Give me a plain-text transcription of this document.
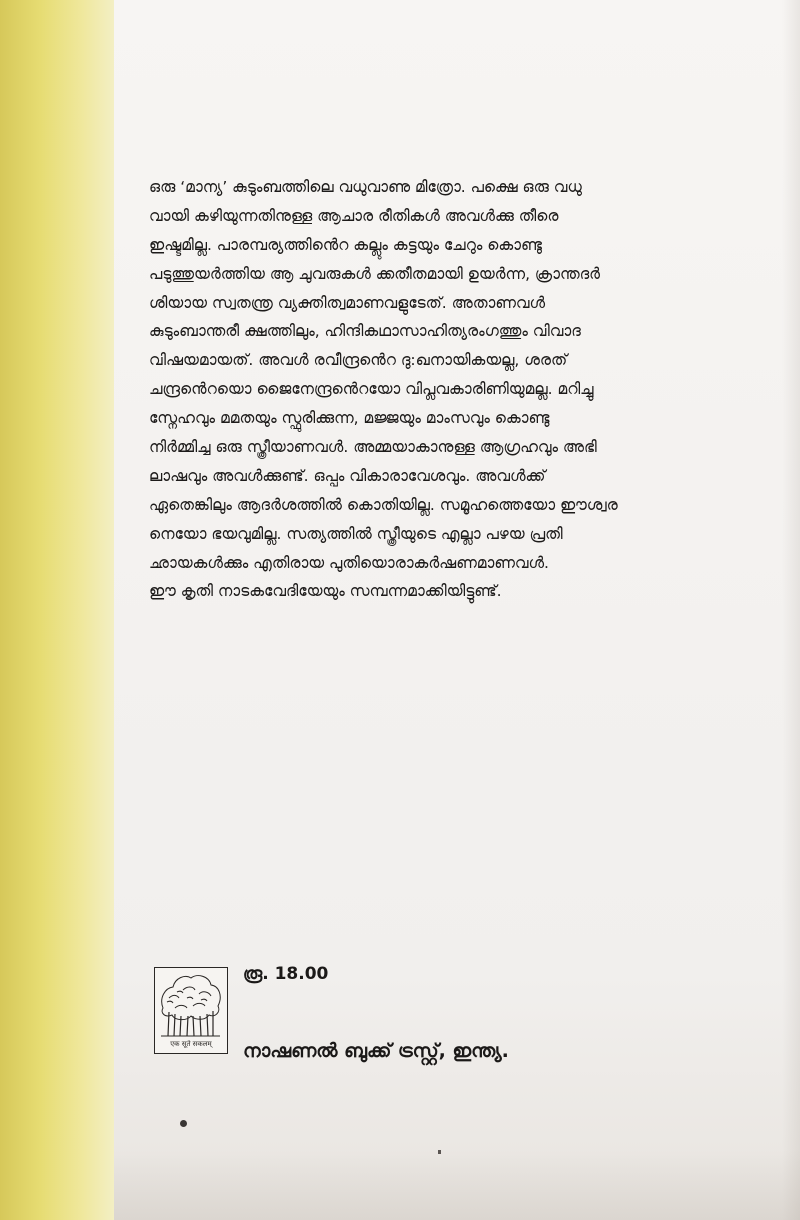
ഒരു ‘മാന്യ’ കുടുംബത്തിലെ വധുവാണു മിത്രോ. പക്ഷെ ഒരു വധു
വായി കഴിയുന്നതിനുള്ള ആചാര രീതികൾ അവൾക്കു തീരെ
ഇഷ്ടമില്ല. പാരമ്പര്യത്തിൻെറ കല്ലും കട്ടയും ചേറും കൊണ്ടു
പടുത്തുയർത്തിയ ആ ചുവരുകൾ ക്കതീതമായി ഉയർന്ന, ക്രാന്തദർ
ശിയായ സ്വതന്ത്ര വ്യക്തിത്വമാണവളുടേത്. അതാണവൾ
കുടുംബാന്തരീ ക്ഷത്തിലും, ഹിന്ദികഥാസാഹിത്യരംഗത്തും വിവാദ
വിഷയമായത്. അവൾ രവീന്ദ്രൻെറ ദു:ഖനായികയല്ല, ശരത്
ചന്ദ്രൻെറയൊ ജൈനേന്ദ്രൻെറയോ വിപ്ലവകാരിണിയുമല്ല. മറിച്ചു
സ്നേഹവും മമതയും സ്ഫുരിക്കുന്ന, മജ്ജയും മാംസവും കൊണ്ടു
നിർമ്മിച്ച ഒരു സ്ത്രീയാണവൾ. അമ്മയാകാനുള്ള ആഗ്രഹവും അഭി
ലാഷവും അവൾക്കുണ്ട്. ഒപ്പം വികാരാവേശവും. അവൾക്ക്
ഏതെങ്കിലും ആദർശത്തിൽ കൊതിയില്ല. സമൂഹത്തെയോ ഈശ്വര
നെയോ ഭയവുമില്ല. സത്യത്തിൽ സ്ത്രീയുടെ എല്ലാ പഴയ പ്രതി
ഛായകൾക്കും എതിരായ പുതിയൊരാകർഷണമാണവൾ.
ഈ കൃതി നാടകവേദിയേയും സമ്പന്നമാക്കിയിട്ടുണ്ട്.
एक सूते सकलम्
രൂ. 18.00
നാഷണൽ ബുക്ക് ട്രസ്റ്റ്, ഇന്ത്യ.
